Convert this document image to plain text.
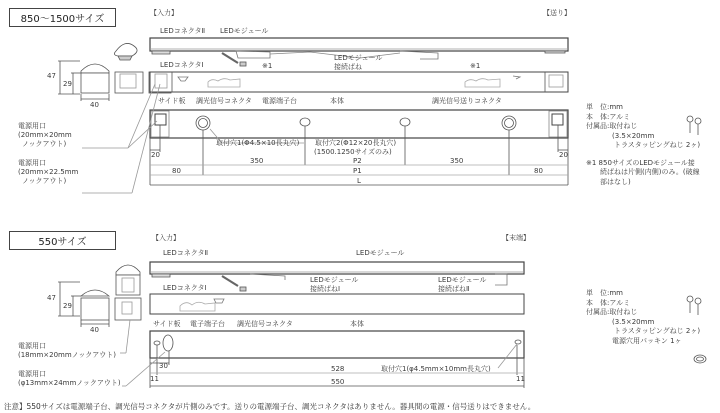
850～1500サイズ
【入力】	【送り】
LEDコネクタⅡ LEDモジュール
LEDコネクタⅠ	※1	※1
LEDモジュール
接続ばね
サイド板 調光信号コネクタ 電源端子台	本体	調光信号送りコネクタ
取付穴1(Φ4.5×10長丸穴) 取付穴2(Φ12×20長丸穴)
(1500.1250サイズのみ)
電源用口
(20mm×20mm
ノックアウト)
電源用口
(20mm×22.5mm
ノックアウト)
47
29
40
20	20
350	P2	350
80	P1	80
L
単　位:mm
本　体:アルミ
付属品:取付ねじ
(3.5×20mm
トラスタッピングねじ 2ヶ)
※1 850サイズのLEDモジュール接
続ばねは片側(内側)のみ。(破線
部はなし)
550サイズ	【入力】	【末端】
LEDコネクタⅡ	LEDモジュール
LEDコネクタⅠ
LEDモジュール
接続ばねⅠ
LEDモジュール
接続ばねⅡ
サイド板 電子端子台 調光信号コネクタ	本体
取付穴1(φ4.5mm×10mm長丸穴)
電源用口
(18mm×20mmノックアウト)
電源用口
(φ13mm×24mmノックアウト)
47
29
40
30
11	11
528
550
単　位:mm
本　体:アルミ
付属品:取付ねじ
(3.5×20mm
トラスタッピングねじ 2ヶ)
電源穴用パッキン 1ヶ
注意】550サイズは電源端子台、調光信号コネクタが片側のみです。送りの電源端子台、調光コネクタはありません。器具間の電源・信号送りはできません。
